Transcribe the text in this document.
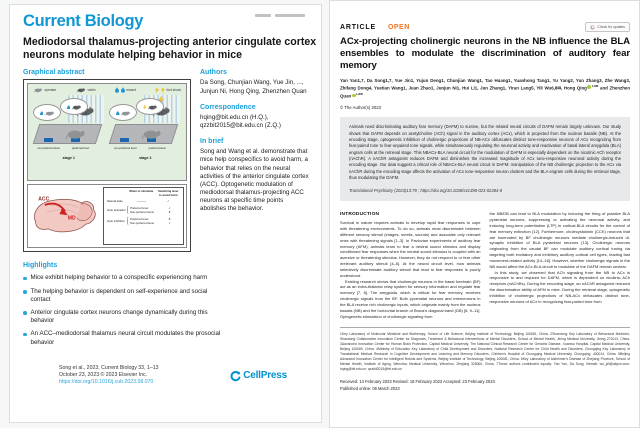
Current Biology
Mediodorsal thalamus-projecting anterior cingulate cortex neurons modulate helping behavior in mice
Graphical abstract
operator	victim	reward	foot shock
non-preferred lever	preferred lever
stage 1
non-preferred lever	preferred lever
stage 2
ACC
MD
When to stimulate	Switching lever to avoid harm
Natural state	————	✓
Opto activation { Preferred lever	✓
Non-preferred lever	✗
Opto inhibition { Preferred lever	✗
Non-preferred lever	✓
Highlights
Mice exhibit helping behavior to a conspecific experiencing harm
The helping behavior is dependent on self-experience and social contact
Anterior cingulate cortex neurons change dynamically during this behavior
An ACC–mediodorsal thalamus neural circuit modulates the prosocial behavior
Authors
Da Song, Chunjian Wang, Yue Jin, ..., Junjun Ni, Hong Qing, Zhenzhen Quan
Correspondence
hqing@bit.edu.cn (H.Q.),
qzzbit2015@bit.edu.cn (Z.Q.)
In brief
Song and Wang et al. demonstrate that mice help conspecifics to avoid harm, a behavior that relies on the neural activities of the anterior cingulate cortex (ACC). Optogenetic modulation of mediodorsal thalamus-projecting ACC neurons at specific time points abolishes the behavior.
Song et al., 2023, Current Biology 33, 1–13
October 23, 2023 © 2023 Elsevier Inc.
https://doi.org/10.1016/j.cub.2023.08.070
CellPress
ARTICLE OPEN	Check for updates
ACx-projecting cholinergic neurons in the NB influence the BLA ensembles to modulate the discrimination of auditory fear memory
Yan Yan1,7, Da Song1,7, Yue Jin1, Yujun Deng1, Chunjian Wang1, Tao Huang1, Yuanhong Tang1, Yu Yang2, Yun Zhang3, Zhe Wang3, Zhifang Dong4, Yuetian Wang1, Juan Zhao1, Junjun Ni1, Hui Li1, Jun Zhang1, Yiran Lang5, Yili Wu6,8✉, Hong Qing $^{1,8✉}$ and Zhenzhen Quan $^{1,8✉}$
© The Author(s) 2023
Animals need discriminating auditory fear memory (DAFM) to survive, but the related neural circuits of DAFM remain largely unknown. Our study shows that DAFM depends on acetylcholine (ACh) signal in the auditory cortex (ACx), which is projected from the nucleus basalis (NB). At the encoding stage, optogenetic inhibition of cholinergic projections of NB-ACx obfuscates distinct tone-responsive neurons of ACx recognizing from fear-paired tone to fear-unpaired tone signals, while simultaneously regulating the neuronal activity and reactivation of basal lateral amygdala (BLA) engram cells at the retrieval stage. This NBACx-BLA neural circuit for the modulation of DAFM is especially dependent on the nicotinic ACh receptor (nAChR). A nAChR antagonist reduces DAFM and diminishes the increased magnitude of ACx tone-responsive neuronal activity during the encoding stage. Our data suggest a critical role of NBACx-BLA neural circuit in DAFM: manipulation of the NB cholinergic projection to the ACx via nAChR during the encoding stage affects the activation of ACx tone-responsive neuron clusters and the BLA engram cells during the retrieval stage, thus modulating the DAFM.
Translational Psychiatry (2023)13:79 ; https://doi.org/10.1038/s41398-023-02384-8
INTRODUCTION

Survival in nature requires animals to develop rapid fear responses to cope with threatening environments. To do so, animals must discriminate between different sensory stimuli (images, smells, sounds) and associate only relevant ones with threatening signals [1–3]. In Pavlovian experiments of auditory fear memory (AFM), animals learn to fear a neutral sound stimulus and display conditioned fear responses when the neutral sound stimulus is coupled with an aversive or threatening stimulus. However, they do not respond to or fear other irrelevant auditory stimuli [4–6]. At the neural circuit level, how animals selectively discriminate auditory stimuli that lead to fear responses is poorly understood.

Existing research shows that cholinergic neurons in the basal forebrain (BF) act as an extra-thalamic relay system for sensory information and regulate fear memory [7, 8]. The amygdala, which is critical for fear memory, receives cholinergic signals from the BF. Both pyramidal neurons and interneurons in the BLA receive rich cholinergic inputs, which originate mainly from the nucleus basalis (NB) and the horizontal branch of Broca's diagonal band (DB) [8, 9–11]. Optogenetic stimulation of cholinergic signaling from

the NB/DB can lead to BLA modulation by inducing the firing of putative BLA pyramidal neurons, suppressing or activating the neuronal activity, and inducing long-term potentiation (LTP) in cortical-BLA circuits for the control of fear memory extinction [12]. Furthermore, cholecystokinin (CCK) neurons that are innervated by BF cholinergic neurons mediate cholinergic-induced di-synaptic inhibition of BLA pyramidal neurons [13]. Cholinergic neurons originating from the caudal BF can modulate auditory cortical tuning via targeting both excitatory and inhibitory auditory cortical cell types, leading fast movement-related activity [14–16]. However, whether cholinergic signals in the NB would affect the ACx-BLA circuit to modulate of the DAFM remain unclear.

In this study, we observed that ACh signaling from the NB to ACx is responsive to and required for DAFM, which is dependent on nicotinic ACh receptors (nAChRs). During the encoding stage, an nAChR antagonist reduced the discriminative ability of AFM in mice. During the retrieval stage, optogenetic inhibition of cholinergic projections of NB-ACx obfuscates distinct tone-responsive neurons of ACx in recognizing fear-paired tone from

1Key Laboratory of Molecular Medicine and Biotherapy, School of Life Science, Beijing Institute of Technology, Beijing 100081, China. 2Shandong Key Laboratory of Behavioral Medicine, Shandong Collaborative Innovation Center for Diagnosis, Treatment & Behavioral Interventions of Mental Disorders, School of Mental Health, Jining Medical University, Jining 272013, China. 3Advanced Innovation Center for Human Brain Protection, Capital Medical University, The National Clinical Research Center for Geriatric Disease, Xuanwu Hospital, Capital Medical University, Beijing 100069, China. 4Ministry of Education Key Laboratory of Child Development and Disorders, National Research Center for Child Health and Disorders, Chongqing Key Laboratory of Translational Medical Research in Cognitive Development and Learning and Memory Disorders, Children's Hospital of Chongqing Medical University, Chongqing, 400014, China. 5Beijing Advanced Innovation Center for Intelligent Robots and Systems, Beijing Institute of Technology, Beijing 100081, China. 6Key Laboratory of Alzheimer's Disease of Zhejiang Province, School of Mental Health, Institute of Aging, Wenzhou Medical University, Wenzhou, Zhejiang 325000, China. 7These authors contributed equally: Yan Yan, Da Song. ✉email: wu_yili@aliyun.com; hqing@bit.edu.cn; qzzbit2015@bit.edu.cn
Received: 14 February 2023 Revised: 18 February 2023 Accepted: 23 February 2023
Published online: 06 March 2023
